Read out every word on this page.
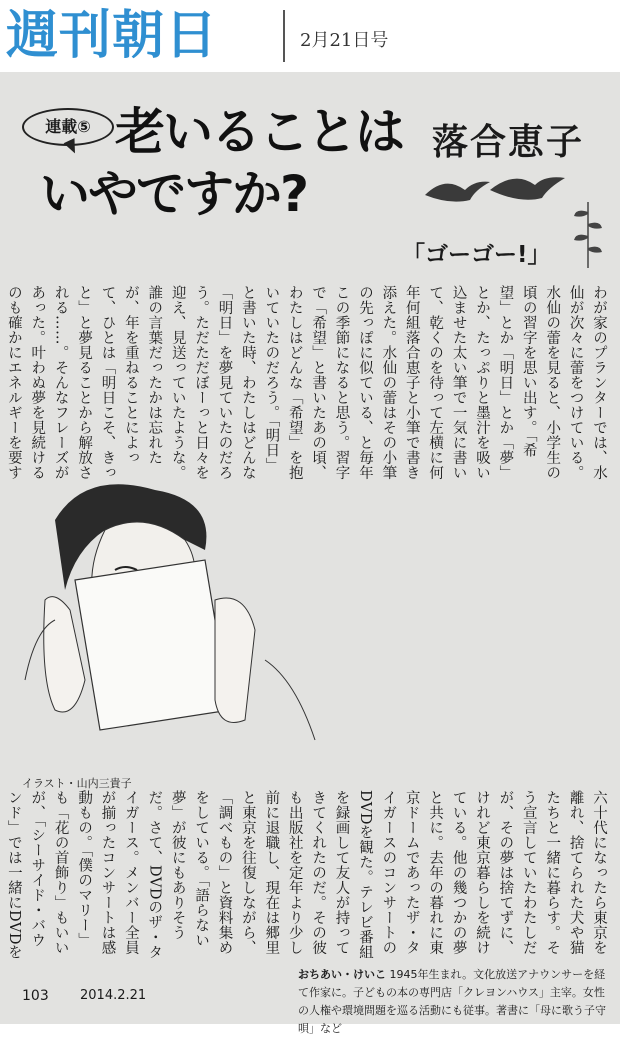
週刊朝日	2月21日号
連載⑤ 老いることは
いやですか?
落合恵子
「ゴーゴー!」
わが家のプランターでは、水仙が次々に蕾をつけている。水仙の蕾を見ると、小学生の頃の習字を思い出す。「希望」とか「明日」とか「夢」とか、たっぷりと墨汁を吸い込ませた太い筆で一気に書いて、乾くのを待って左横に何年何組落合恵子と小筆で書き添えた。水仙の蕾はその小筆の先っぽに似ている、と毎年この季節になると思う。習字で「希望」と書いたあの頃、わたしはどんな「希望」を抱いていたのだろう。「明日」と書いた時、わたしはどんな「明日」を夢見ていたのだろう。ただただぼーっと日々を迎え、見送っていたような。誰の言葉だったかは忘れたが、年を重ねることによって、ひとは「明日こそ、きっと」と夢見ることから解放される……。そんなフレーズがあった。叶わぬ夢を見続けるのも確かにエネルギーを要す
イラスト・山内三貴子
六十代になったら東京を離れ、捨てられた犬や猫たちと一緒に暮らす。そう宣言していたわたしだが、その夢は捨てずに、けれど東京暮らしを続けている。他の幾つかの夢と共に。去年の暮れに東京ドームであったザ・タイガースのコンサートのDVDを観た。テレビ番組を録画して友人が持ってきてくれたのだ。その彼も出版社を定年より少し前に退職し、現在は郷里と東京を往復しながら、「調べもの」と資料集めをしている。「語らない夢」が彼にもありそうだ。さて、DVDのザ・タイガース。メンバー全員が揃ったコンサートは感動もの。「僕のマリー」も「花の首飾り」もいいが、「シーサイド・バウンド」では一緒にDVDを
103 2014.2.21
おちあい・けいこ 1945年生まれ。文化放送アナウンサーを経て作家に。子どもの本の専門店「クレヨンハウス」主宰。女性の人権や環境問題を巡る活動にも従事。著書に「母に歌う子守唄」など
